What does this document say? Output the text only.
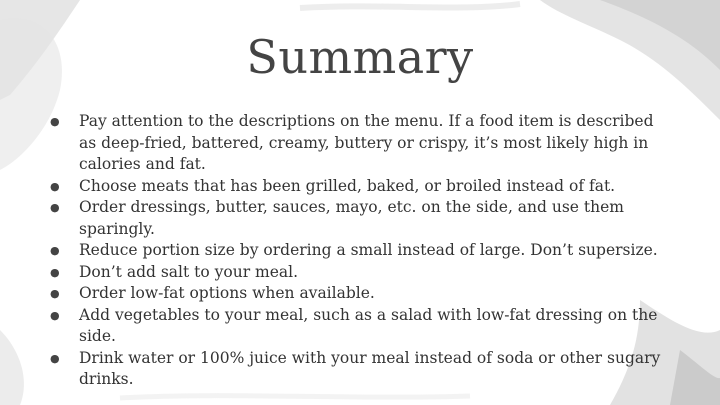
Summary
●	Pay attention to the descriptions on the menu. If a food item is described as deep-fried, battered, creamy, buttery or crispy, it’s most likely high in calories and fat.
●	Choose meats that has been grilled, baked, or broiled instead of fat.
●	Order dressings, butter, sauces, mayo, etc. on the side, and use them sparingly.
●	Reduce portion size by ordering a small instead of large. Don’t supersize.
●	Don’t add salt to your meal.
●	Order low-fat options when available.
●	Add vegetables to your meal, such as a salad with low-fat dressing on the side.
●	Drink water or 100% juice with your meal instead of soda or other sugary drinks.
